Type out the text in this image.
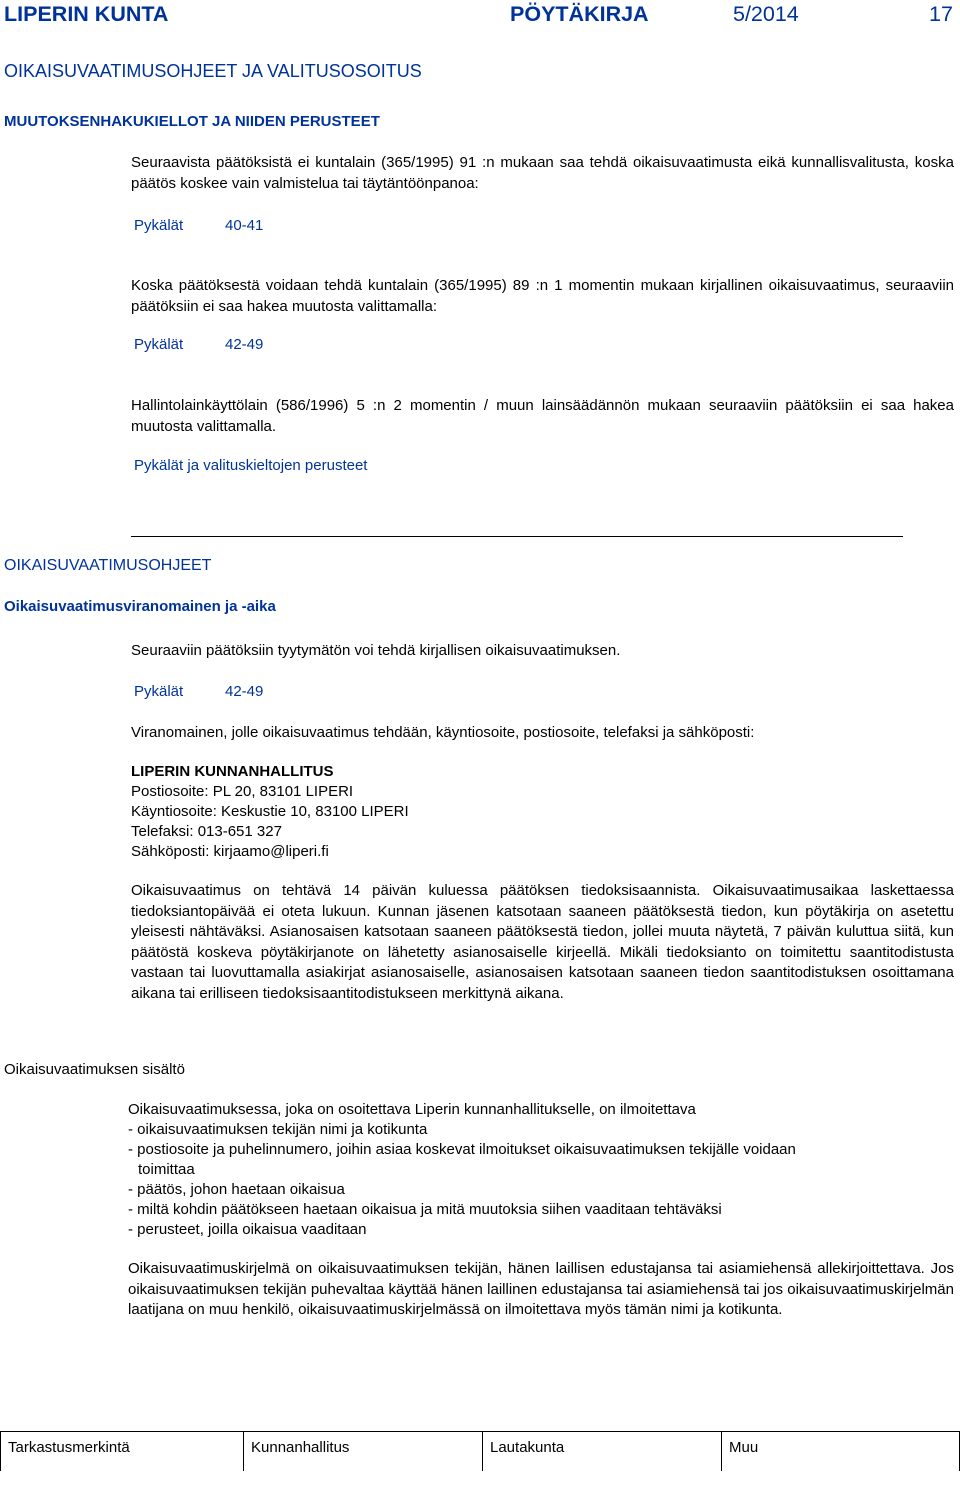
LIPERIN KUNTA	PÖYTÄKIRJA	5/2014	17
OIKAISUVAATIMUSOHJEET JA VALITUSOSOITUS
MUUTOKSENHAKUKIELLOT JA NIIDEN PERUSTEET
Seuraavista päätöksistä ei kuntalain (365/1995) 91 :n mukaan saa tehdä oikaisuvaatimusta eikä kunnallisvalitusta, koska päätös koskee vain valmistelua tai täytäntöönpanoa:
Pykälät	40-41
Koska päätöksestä voidaan tehdä kuntalain (365/1995) 89 :n 1 momentin mukaan kirjallinen oikaisuvaatimus, seuraaviin päätöksiin ei saa hakea muutosta valittamalla:
Pykälät	42-49
Hallintolainkäyttölain (586/1996) 5 :n 2 momentin / muun lainsäädännön mukaan seuraaviin päätöksiin ei saa hakea muutosta valittamalla.
Pykälät ja valituskieltojen perusteet
OIKAISUVAATIMUSOHJEET
Oikaisuvaatimusviranomainen ja -aika
Seuraaviin päätöksiin tyytymätön voi tehdä kirjallisen oikaisuvaatimuksen.
Pykälät	42-49
Viranomainen, jolle oikaisuvaatimus tehdään, käyntiosoite, postiosoite, telefaksi ja sähköposti:
LIPERIN KUNNANHALLITUS
Postiosoite: PL 20, 83101 LIPERI
Käyntiosoite: Keskustie 10, 83100 LIPERI
Telefaksi: 013-651 327
Sähköposti: kirjaamo@liperi.fi
Oikaisuvaatimus on tehtävä 14 päivän kuluessa päätöksen tiedoksisaannista. Oikaisuvaatimusaikaa laskettaessa tiedoksiantopäivää ei oteta lukuun. Kunnan jäsenen katsotaan saaneen päätöksestä tiedon, kun pöytäkirja on asetettu yleisesti nähtäväksi. Asianosaisen katsotaan saaneen päätöksestä tiedon, jollei muuta näytetä, 7 päivän kuluttua siitä, kun päätöstä koskeva pöytäkirjanote on lähetetty asianosaiselle kirjeellä. Mikäli tiedoksianto on toimitettu saantitodistusta vastaan tai luovuttamalla asiakirjat asianosaiselle, asianosaisen katsotaan saaneen tiedon saantitodistuksen osoittamana aikana tai erilliseen tiedoksisaantitodistukseen merkittynä aikana.
Oikaisuvaatimuksen sisältö
Oikaisuvaatimuksessa, joka on osoitettava Liperin kunnanhallitukselle, on ilmoitettava
- oikaisuvaatimuksen tekijän nimi ja kotikunta
- postiosoite ja puhelinnumero, joihin asiaa koskevat ilmoitukset oikaisuvaatimuksen tekijälle voidaan
toimittaa
- päätös, johon haetaan oikaisua
- miltä kohdin päätökseen haetaan oikaisua ja mitä muutoksia siihen vaaditaan tehtäväksi
- perusteet, joilla oikaisua vaaditaan
Oikaisuvaatimuskirjelmä on oikaisuvaatimuksen tekijän, hänen laillisen edustajansa tai asiamiehensä allekirjoittettava. Jos oikaisuvaatimuksen tekijän puhevaltaa käyttää hänen laillinen edustajansa tai asiamiehensä tai jos oikaisuvaatimuskirjelmän laatijana on muu henkilö, oikaisuvaatimuskirjelmässä on ilmoitettava myös tämän nimi ja kotikunta.
Tarkastusmerkintä	Kunnanhallitus	Lautakunta	Muu
